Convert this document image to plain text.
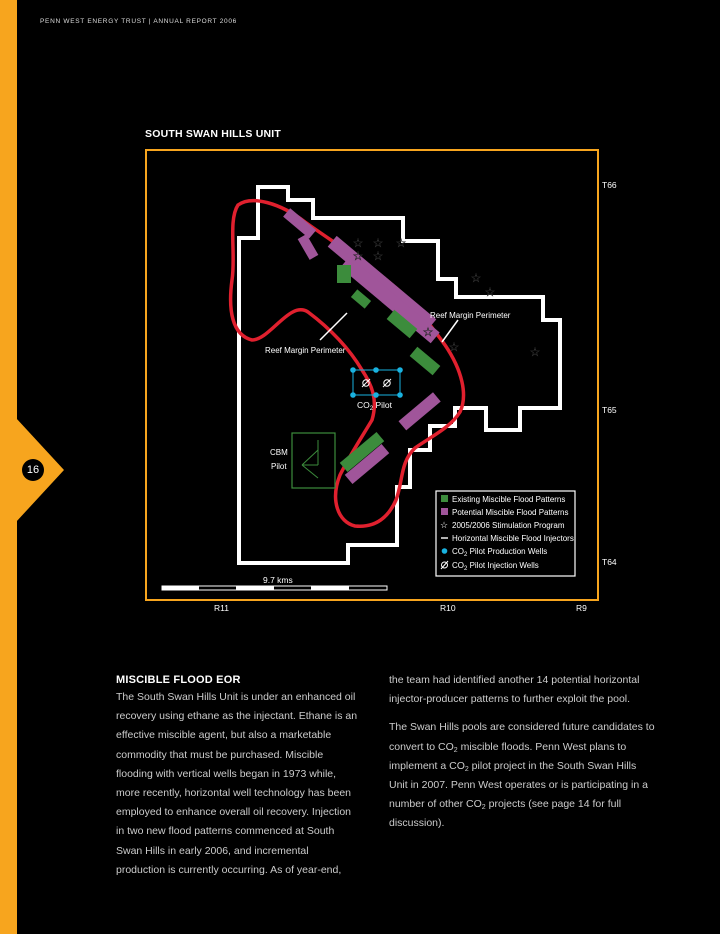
16
PENN WEST ENERGY TRUST | ANNUAL REPORT 2006
SOUTH SWAN HILLS UNIT
☆ ☆ ☆
☆ ☆
☆
☆
☆
☆	☆
T66
T65
T64
R11	R10	R9
9.7 kms
Reef Margin Perimeter
Reef Margin Perimeter
$CO_2$ Pilot
CBM
Pilot
Existing Miscible Flood Patterns
Potential Miscible Flood Patterns
☆ 2005/2006 Stimulation Program
Horizontal Miscible Flood Injectors
$CO_2$ Pilot Production Wells
$CO_2$ Pilot Injection Wells
MISCIBLE FLOOD EOR

The South Swan Hills Unit is under an enhanced oil recovery using ethane as the injectant. Ethane is an effective miscible agent, but also a marketable commodity that must be purchased. Miscible flooding with vertical wells began in 1973 while, more recently, horizontal well technology has been employed to enhance overall oil recovery. Injection in two new flood patterns commenced at South Swan Hills in early 2006, and incremental production is currently occurring. As of year-end,

the team had identified another 14 potential horizontal injector-producer patterns to further exploit the pool.

The Swan Hills pools are considered future candidates to convert to $CO_2$ miscible floods. Penn West plans to implement a $CO_2$ pilot project in the South Swan Hills Unit in 2007. Penn West operates or is participating in a number of other $CO_2$ projects (see page 14 for full discussion).
